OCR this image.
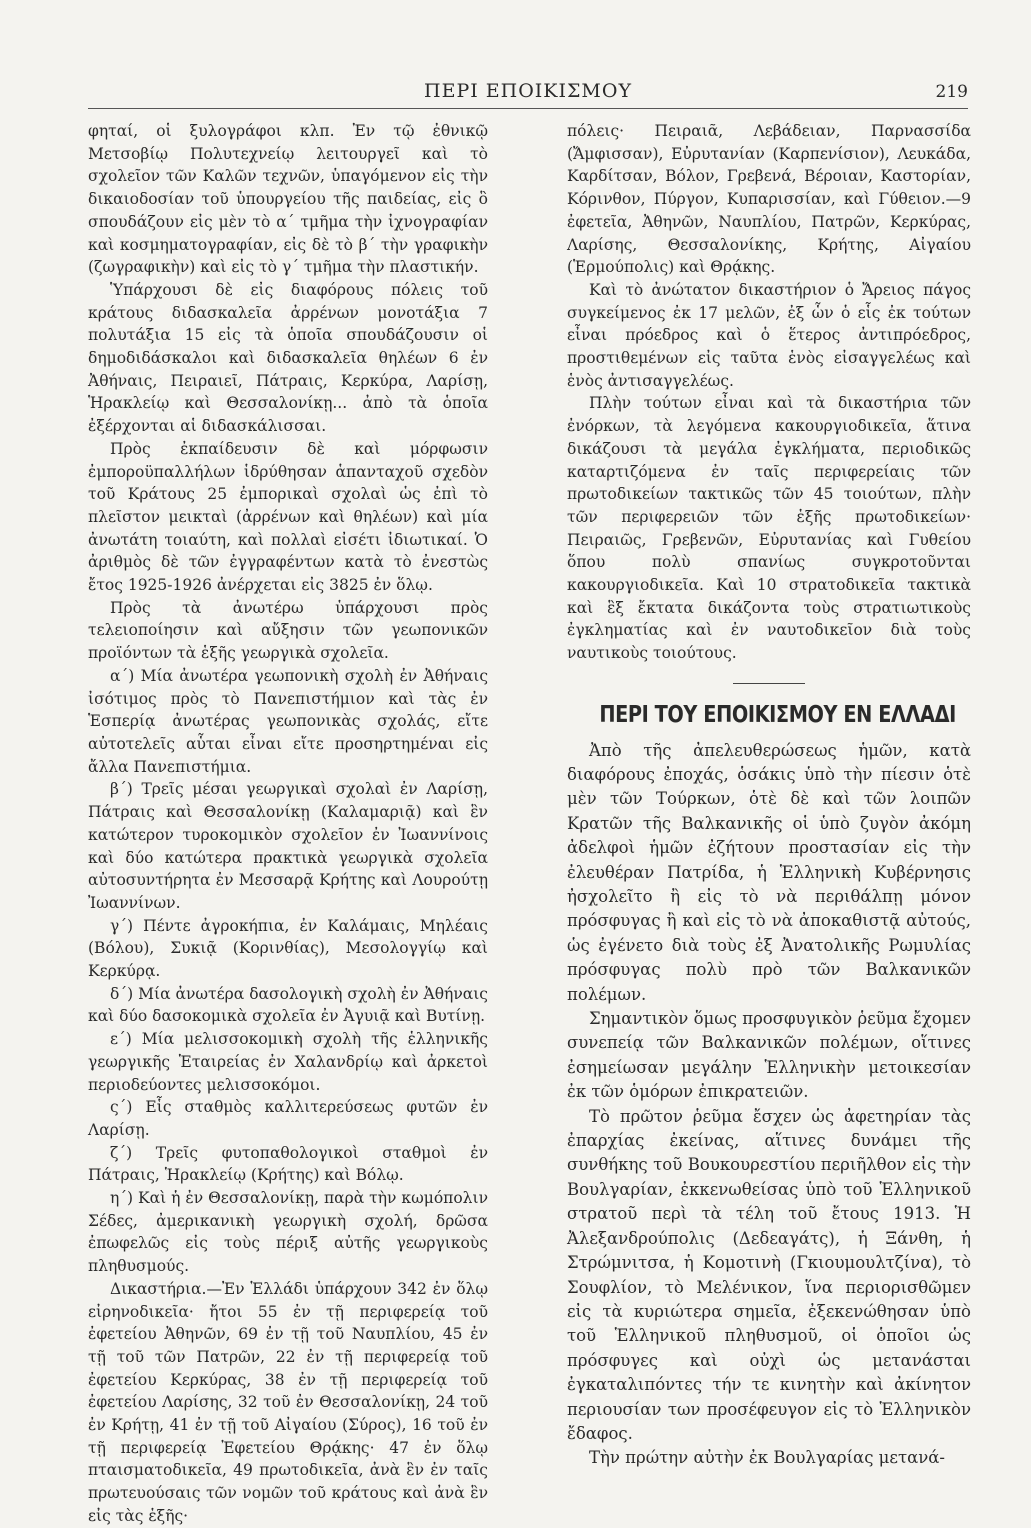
ΠΕΡΙ ΕΠΟΙΚΙΣΜΟΥ	219

φηταί, οἱ ξυλογράφοι κλπ. Ἐν τῷ ἐθνικῷ Μετσοβίῳ Πολυτεχνείῳ λειτουργεῖ καὶ τὸ σχολεῖον τῶν Καλῶν τεχνῶν, ὑπαγόμενον εἰς τὴν δικαιοδοσίαν τοῦ ὑπουργείου τῆς παιδείας, εἰς ὃ σπουδάζουν εἰς μὲν τὸ α΄ τμῆμα τὴν ἰχνογραφίαν καὶ κοσμηματογραφίαν, εἰς δὲ τὸ β΄ τὴν γραφικὴν (ζωγραφικὴν) καὶ εἰς τὸ γ΄ τμῆμα τὴν πλαστικήν.

Ὑπάρχουσι δὲ εἰς διαφόρους πόλεις τοῦ κράτους διδασκαλεῖα ἀρρένων μονοτάξια 7 πολυτάξια 15 εἰς τὰ ὁποῖα σπουδάζουσιν οἱ δημοδιδάσκαλοι καὶ διδασκαλεῖα θηλέων 6 ἐν Ἀθήναις, Πειραιεῖ, Πάτραις, Κερκύρα, Λαρίσῃ, Ἡρακλείῳ καὶ Θεσσαλονίκῃ... ἀπὸ τὰ ὁποῖα ἐξέρχονται αἱ διδασκάλισσαι.

Πρὸς ἐκπαίδευσιν δὲ καὶ μόρφωσιν ἐμποροϋπαλλήλων ἱδρύθησαν ἁπανταχοῦ σχεδὸν τοῦ Κράτους 25 ἐμπορικαὶ σχολαὶ ὡς ἐπὶ τὸ πλεῖστον μεικταὶ (ἀρρένων καὶ θηλέων) καὶ μία ἀνωτάτη τοιαύτη, καὶ πολλαὶ εἰσέτι ἰδιωτικαί. Ὁ ἀριθμὸς δὲ τῶν ἐγγραφέντων κατὰ τὸ ἐνεστὼς ἔτος 1925-1926 ἀνέρχεται εἰς 3825 ἐν ὅλῳ.

Πρὸς τὰ ἀνωτέρω ὑπάρχουσι πρὸς τελειοποίησιν καὶ αὔξησιν τῶν γεωπονικῶν προϊόντων τὰ ἑξῆς γεωργικὰ σχολεῖα.

α΄) Μία ἀνωτέρα γεωπονικὴ σχολὴ ἐν Ἀθήναις ἰσότιμος πρὸς τὸ Πανεπιστήμιον καὶ τὰς ἐν Ἑσπερίᾳ ἀνωτέρας γεωπονικὰς σχολάς, εἴτε αὐτοτελεῖς αὗται εἶναι εἴτε προσηρτημέναι εἰς ἄλλα Πανεπιστήμια.

β΄) Τρεῖς μέσαι γεωργικαὶ σχολαὶ ἐν Λαρίσῃ, Πάτραις καὶ Θεσσαλονίκῃ (Καλαμαριᾷ) καὶ ἓν κατώτερον τυροκομικὸν σχολεῖον ἐν Ἰωαννίνοις καὶ δύο κατώτερα πρακτικὰ γεωργικὰ σχολεῖα αὐτοσυντήρητα ἐν Μεσσαρᾷ Κρήτης καὶ Λουρούτῃ Ἰωαννίνων.

γ΄) Πέντε ἀγροκήπια, ἐν Καλάμαις, Μηλέαις (Βόλου), Συκιᾷ (Κορινθίας), Μεσολογγίῳ καὶ Κερκύρᾳ.

δ΄) Μία ἀνωτέρα δασολογικὴ σχολὴ ἐν Ἀθήναις καὶ δύο δασοκομικὰ σχολεῖα ἐν Ἀγυιᾷ καὶ Βυτίνῃ.

ε΄) Μία μελισσοκομικὴ σχολὴ τῆς ἑλληνικῆς γεωργικῆς Ἑταιρείας ἐν Χαλανδρίῳ καὶ ἀρκετοὶ περιοδεύοντες μελισσοκόμοι.

ς΄) Εἷς σταθμὸς καλλιτερεύσεως φυτῶν ἐν Λαρίσῃ.

ζ΄) Τρεῖς φυτοπαθολογικοὶ σταθμοὶ ἐν Πάτραις, Ἡρακλείῳ (Κρήτης) καὶ Βόλῳ.

η΄) Καὶ ἡ ἐν Θεσσαλονίκῃ, παρὰ τὴν κωμόπολιν Σέδες, ἀμερικανικὴ γεωργικὴ σχολή, δρῶσα ἐπωφελῶς εἰς τοὺς πέριξ αὐτῆς γεωργικοὺς πληθυσμούς.

Δικαστήρια.—Ἐν Ἑλλάδι ὑπάρχουν 342 ἐν ὅλῳ εἰρηνοδικεῖα· ἤτοι 55 ἐν τῇ περιφερείᾳ τοῦ ἐφετείου Ἀθηνῶν, 69 ἐν τῇ τοῦ Ναυπλίου, 45 ἐν τῇ τοῦ τῶν Πατρῶν, 22 ἐν τῇ περιφερείᾳ τοῦ ἐφετείου Κερκύρας, 38 ἐν τῇ περιφερείᾳ τοῦ ἐφετείου Λαρίσης, 32 τοῦ ἐν Θεσσαλονίκῃ, 24 τοῦ ἐν Κρήτῃ, 41 ἐν τῇ τοῦ Αἰγαίου (Σύρος), 16 τοῦ ἐν τῇ περιφερείᾳ Ἐφετείου Θρᾴκης· 47 ἐν ὅλῳ πταισματοδικεῖα, 49 πρωτοδικεῖα, ἀνὰ ἓν ἐν ταῖς πρωτευούσαις τῶν νομῶν τοῦ κράτους καὶ ἀνὰ ἓν εἰς τὰς ἑξῆς·

πόλεις· Πειραιᾶ, Λεβάδειαν, Παρνασσίδα (Ἄμφισσαν), Εὐρυτανίαν (Καρπενίσιον), Λευκάδα, Καρδίτσαν, Βόλον, Γρεβενά, Βέροιαν, Καστορίαν, Κόρινθον, Πύργον, Κυπαρισσίαν, καὶ Γύθειον.—9 ἐφετεῖα, Ἀθηνῶν, Ναυπλίου, Πατρῶν, Κερκύρας, Λαρίσης, Θεσσαλονίκης, Κρήτης, Αἰγαίου (Ἑρμούπολις) καὶ Θρᾴκης.

Καὶ τὸ ἀνώτατον δικαστήριον ὁ Ἄρειος πάγος συγκείμενος ἐκ 17 μελῶν, ἐξ ὧν ὁ εἷς ἐκ τούτων εἶναι πρόεδρος καὶ ὁ ἕτερος ἀντιπρόεδρος, προστιθεμένων εἰς ταῦτα ἑνὸς εἰσαγγελέως καὶ ἑνὸς ἀντισαγγελέως.

Πλὴν τούτων εἶναι καὶ τὰ δικαστήρια τῶν ἐνόρκων, τὰ λεγόμενα κακουργιοδικεῖα, ἅτινα δικάζουσι τὰ μεγάλα ἐγκλήματα, περιοδικῶς καταρτιζόμενα ἐν ταῖς περιφερείαις τῶν πρωτοδικείων τακτικῶς τῶν 45 τοιούτων, πλὴν τῶν περιφερειῶν τῶν ἑξῆς πρωτοδικείων· Πειραιῶς, Γρεβενῶν, Εὐρυτανίας καὶ Γυθείου ὅπου πολὺ σπανίως συγκροτοῦνται κακουργιοδικεῖα. Καὶ 10 στρατοδικεῖα τακτικὰ καὶ ἓξ ἔκτατα δικάζοντα τοὺς στρατιωτικοὺς ἐγκληματίας καὶ ἐν ναυτοδικεῖον διὰ τοὺς ναυτικοὺς τοιούτους.

ΠΕΡΙ ΤΟΥ ΕΠΟΙΚΙΣΜΟΥ ΕΝ ΕΛΛΑΔΙ

Ἀπὸ τῆς ἀπελευθερώσεως ἡμῶν, κατὰ διαφόρους ἐποχάς, ὁσάκις ὑπὸ τὴν πίεσιν ὁτὲ μὲν τῶν Τούρκων, ὁτὲ δὲ καὶ τῶν λοιπῶν Κρατῶν τῆς Βαλκανικῆς οἱ ὑπὸ ζυγὸν ἀκόμη ἀδελφοὶ ἡμῶν ἐζήτουν προστασίαν εἰς τὴν ἐλευθέραν Πατρίδα, ἡ Ἑλληνικὴ Κυβέρνησις ἠσχολεῖτο ἢ εἰς τὸ νὰ περιθάλπῃ μόνον πρόσφυγας ἢ καὶ εἰς τὸ νὰ ἀποκαθιστᾷ αὐτούς, ὡς ἐγένετο διὰ τοὺς ἐξ Ἀνατολικῆς Ρωμυλίας πρόσφυγας πολὺ πρὸ τῶν Βαλκανικῶν πολέμων.

Σημαντικὸν ὅμως προσφυγικὸν ῥεῦμα ἔχομεν συνεπείᾳ τῶν Βαλκανικῶν πολέμων, οἵτινες ἐσημείωσαν μεγάλην Ἑλληνικὴν μετοικεσίαν ἐκ τῶν ὁμόρων ἐπικρατειῶν.

Τὸ πρῶτον ῥεῦμα ἔσχεν ὡς ἀφετηρίαν τὰς ἐπαρχίας ἐκείνας, αἵτινες δυνάμει τῆς συνθήκης τοῦ Βουκουρεστίου περιῆλθον εἰς τὴν Βουλγαρίαν, ἐκκενωθείσας ὑπὸ τοῦ Ἑλληνικοῦ στρατοῦ περὶ τὰ τέλη τοῦ ἔτους 1913. Ἡ Ἀλεξανδρούπολις (Δεδεαγάτς), ἡ Ξάνθη, ἡ Στρώμνιτσα, ἡ Κομοτινὴ (Γκιουμουλτζίνα), τὸ Σουφλίον, τὸ Μελένικον, ἵνα περιορισθῶμεν εἰς τὰ κυριώτερα σημεῖα, ἐξεκενώθησαν ὑπὸ τοῦ Ἑλληνικοῦ πληθυσμοῦ, οἱ ὁποῖοι ὡς πρόσφυγες καὶ οὐχὶ ὡς μετανάσται ἐγκαταλιπόντες τήν τε κινητὴν καὶ ἀκίνητον περιουσίαν των προσέφευγον εἰς τὸ Ἑλληνικὸν ἔδαφος.

Τὴν πρώτην αὐτὴν ἐκ Βουλγαρίας μετανά-
